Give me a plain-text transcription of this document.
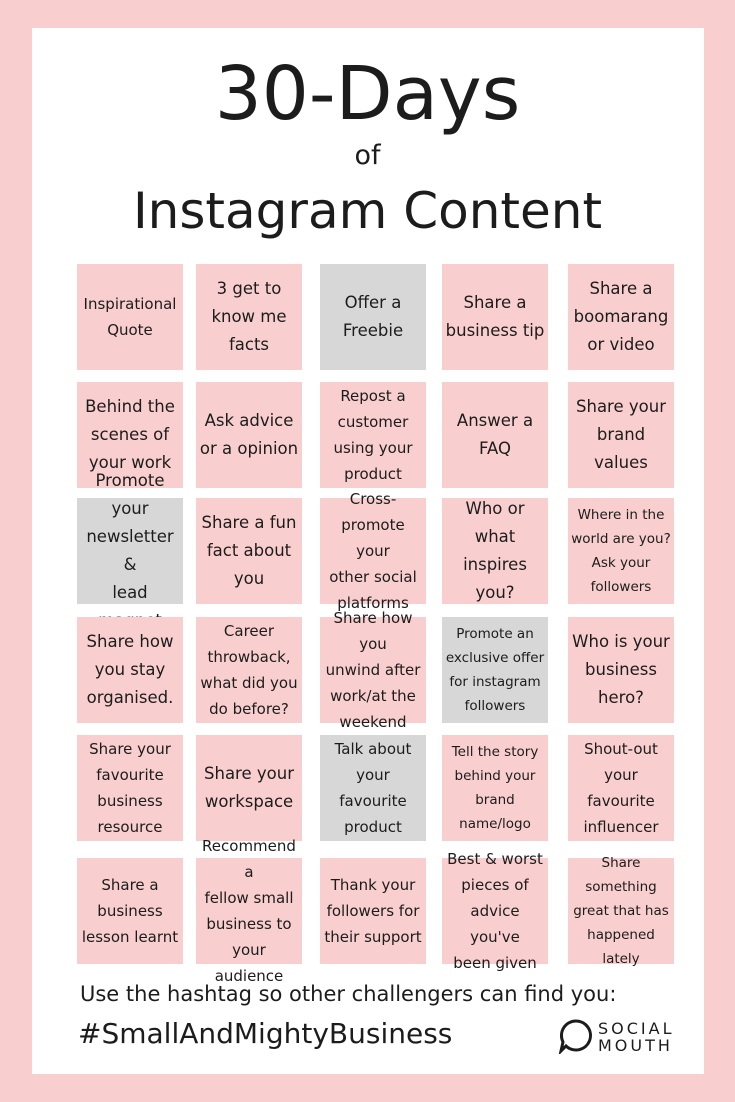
30-Days
of
Instagram Content
Inspirational
Quote
3 get to
know me
facts
Offer a
Freebie
Share a
business tip
Share a
boomarang
or video
Behind the
scenes of
your work
Ask advice
or a opinion
Repost a
customer
using your
product
Answer a
FAQ
Share your
brand
values
Promote your
newsletter &
lead
Share a fun
fact about
you
Cross-
promote your
other social
platforms
Who or what
inspires
you?
Where in the
world are you?
Ask your
followers
Share how
you stay
organised.
Career
throwback,
what did you
do before?
Share how you
unwind after
work/at the
weekend
Promote an
exclusive offer
for instagram
followers
Who is your
business
hero?
Share your
favourite
business
resource
Share your
workspace
Talk about
your
favourite
product
Tell the story
behind your
brand
name/logo
Shout-out
your
favourite
influencer
Share a
business
lesson learnt
Recommend a
fellow small
business to
your audience
Thank your
followers for
their support
Best & worst
pieces of
advice you've
been given
Share
something
great that has
happened lately
Use the hashtag so other challengers can find you:
#SmallAndMightyBusiness	SOCIAL
MOUTH
